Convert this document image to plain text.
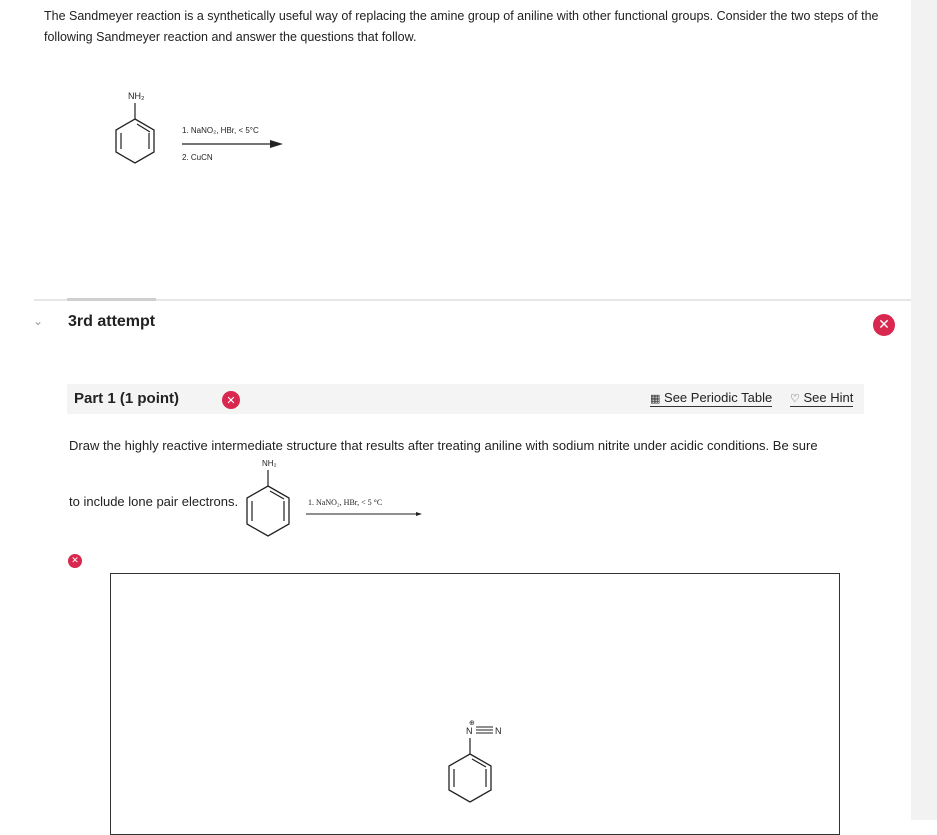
The Sandmeyer reaction is a synthetically useful way of replacing the amine group of aniline with other functional groups. Consider the two steps of the following Sandmeyer reaction and answer the questions that follow.
NH₂
1. NaNO₂, HBr, < 5°C
2. CuCN
⌄ 3rd attempt	✕
Part 1 (1 point)	✕	▦ See Periodic Table ♡ See Hint
Draw the highly reactive intermediate structure that results after treating aniline with sodium nitrite under acidic conditions. Be sure
to include lone pair electrons.
NH₂
1. NaNO₂, HBr, < 5 °C
✕
N
⊕
N
